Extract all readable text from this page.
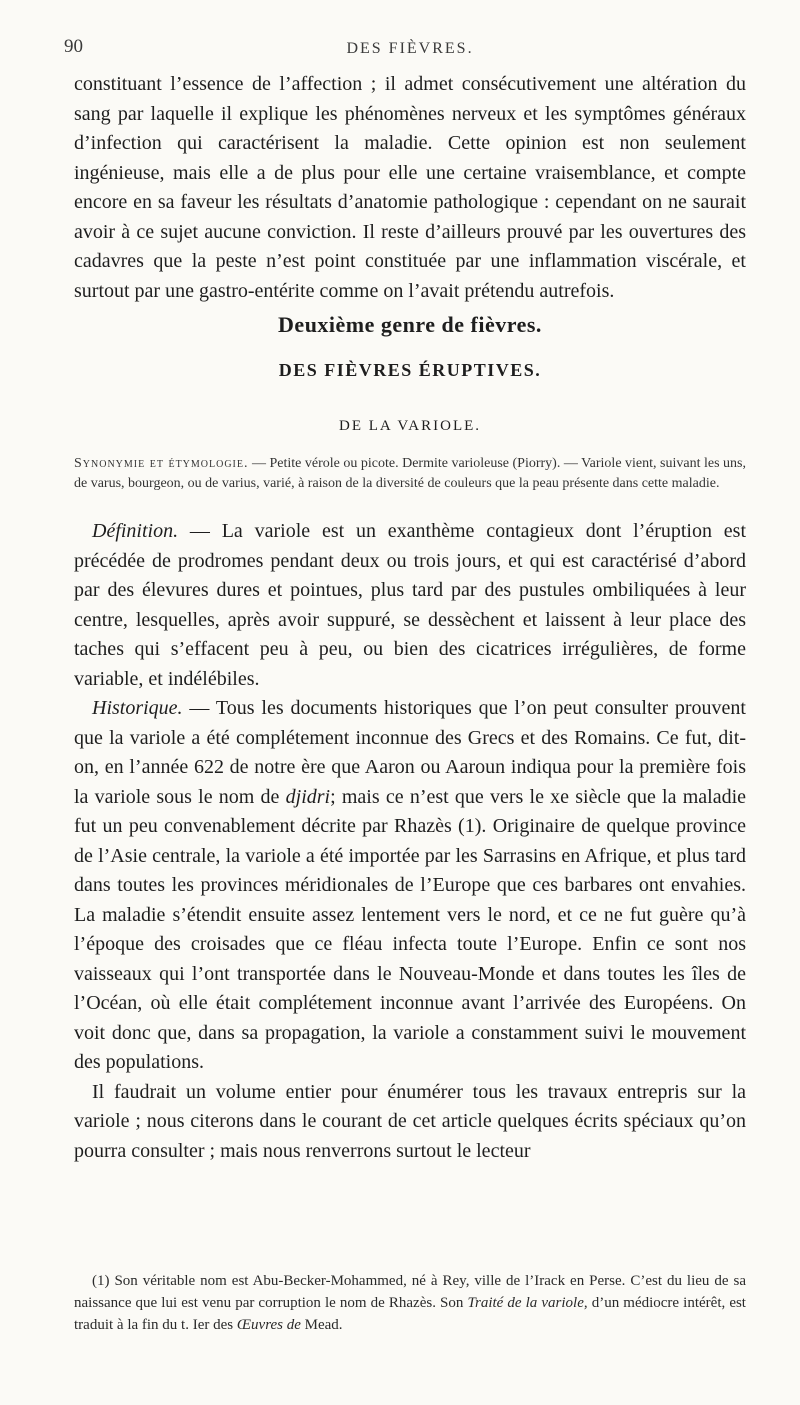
90	DES FIÈVRES.

constituant l’essence de l’affection ; il admet consécutivement une altération du sang par laquelle il explique les phénomènes nerveux et les symptômes généraux d’infection qui caractérisent la maladie. Cette opinion est non seulement ingénieuse, mais elle a de plus pour elle une certaine vraisemblance, et compte encore en sa faveur les résultats d’anatomie pathologique : cependant on ne saurait avoir à ce sujet aucune conviction. Il reste d’ailleurs prouvé par les ouvertures des cadavres que la peste n’est point constituée par une inflammation viscérale, et surtout par une gastro-entérite comme on l’avait prétendu autrefois.

Deuxième genre de fièvres.
DES FIÈVRES ÉRUPTIVES.
DE LA VARIOLE.

Synonymie et étymologie. — Petite vérole ou picote. Dermite varioleuse (Piorry). — Variole vient, suivant les uns, de varus, bourgeon, ou de varius, varié, à raison de la diversité de couleurs que la peau présente dans cette maladie.

Définition. — La variole est un exanthème contagieux dont l’éruption est précédée de prodromes pendant deux ou trois jours, et qui est caractérisé d’abord par des élevures dures et pointues, plus tard par des pustules ombiliquées à leur centre, lesquelles, après avoir suppuré, se dessèchent et laissent à leur place des taches qui s’effacent peu à peu, ou bien des cicatrices irrégulières, de forme variable, et indélébiles.

Historique. — Tous les documents historiques que l’on peut consulter prouvent que la variole a été complétement inconnue des Grecs et des Romains. Ce fut, dit-on, en l’année 622 de notre ère que Aaron ou Aaroun indiqua pour la première fois la variole sous le nom de djidri; mais ce n’est que vers le xe siècle que la maladie fut un peu convenablement décrite par Rhazès (1). Originaire de quelque province de l’Asie centrale, la variole a été importée par les Sarrasins en Afrique, et plus tard dans toutes les provinces méridionales de l’Europe que ces barbares ont envahies. La maladie s’étendit ensuite assez lentement vers le nord, et ce ne fut guère qu’à l’époque des croisades que ce fléau infecta toute l’Europe. Enfin ce sont nos vaisseaux qui l’ont transportée dans le Nouveau-Monde et dans toutes les îles de l’Océan, où elle était complétement inconnue avant l’arrivée des Européens. On voit donc que, dans sa propagation, la variole a constamment suivi le mouvement des populations.

Il faudrait un volume entier pour énumérer tous les travaux entrepris sur la variole ; nous citerons dans le courant de cet article quelques écrits spéciaux qu’on pourra consulter ; mais nous renverrons surtout le lecteur

(1) Son véritable nom est Abu-Becker-Mohammed, né à Rey, ville de l’Irack en Perse. C’est du lieu de sa naissance que lui est venu par corruption le nom de Rhazès. Son Traité de la variole, d’un médiocre intérêt, est traduit à la fin du t. Ier des Œuvres de Mead.
